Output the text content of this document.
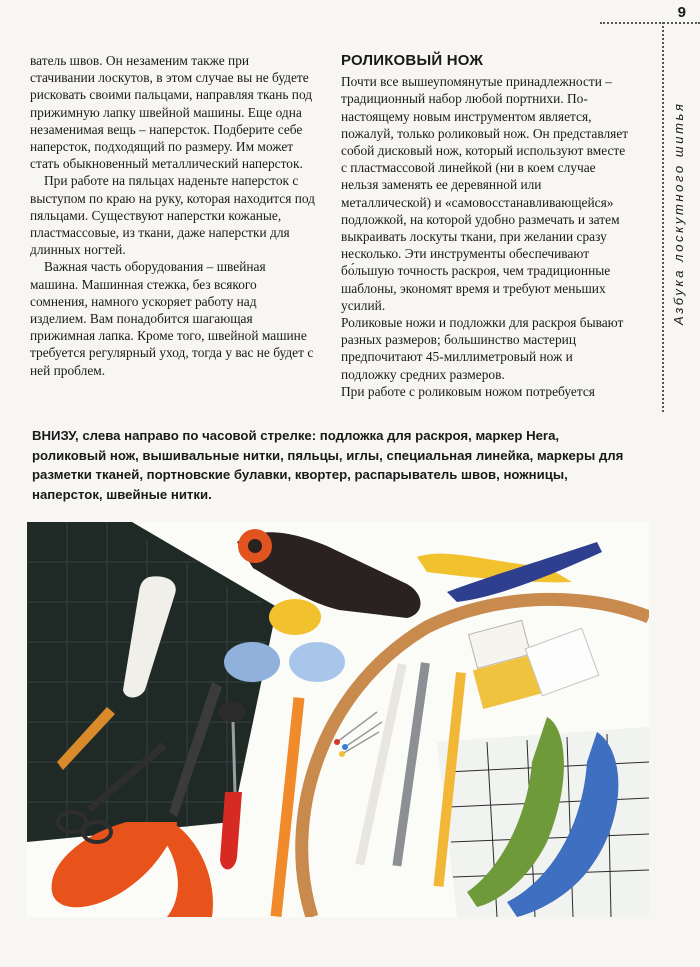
9
Азбука лоскутного шитья

ватель швов. Он незаменим также при стачивании лоскутов, в этом случае вы не будете рисковать своими пальцами, направляя ткань под прижимную лапку швейной машины. Еще одна незаменимая вещь – наперсток. Подберите себе наперсток, подходящий по размеру. Им может стать обыкновенный металлический наперсток.

При работе на пяльцах наденьте наперсток с выступом по краю на руку, которая находится под пяльцами. Существуют наперстки кожаные, пластмассовые, из ткани, даже наперстки для длинных ногтей.

Важная часть оборудования – швейная машина. Машинная стежка, без всякого сомнения, намного ускоряет работу над изделием. Вам понадобится шагающая прижимная лапка. Кроме того, швейной машине требуется регулярный уход, тогда у вас не будет с ней проблем.

РОЛИКОВЫЙ НОЖ

Почти все вышеупомянутые принадлежности – традиционный набор любой портнихи. По-настоящему новым инструментом является, пожалуй, только роликовый нож. Он представляет собой дисковый нож, который используют вместе с пластмассовой линейкой (ни в коем случае нельзя заменять ее деревянной или металлической) и «самовосстанавливающейся» подложкой, на которой удобно размечать и затем выкраивать лоскуты ткани, при желании сразу несколько. Эти инструменты обеспечивают бо́льшую точность раскроя, чем традиционные шаблоны, экономят время и требуют меньших усилий.

Роликовые ножи и подложки для раскроя бывают разных размеров; большинство мастериц предпочитают 45-миллиметровый нож и подложку средних размеров.

При работе с роликовым ножом потребуется

ВНИЗУ, слева направо по часовой стрелке: подложка для раскроя, маркер Hera, роликовый нож, вышивальные нитки, пяльцы, иглы, специальная линейка, маркеры для разметки тканей, портновские булавки, квортер, распарыватель швов, ножницы, наперсток, швейные нитки.
